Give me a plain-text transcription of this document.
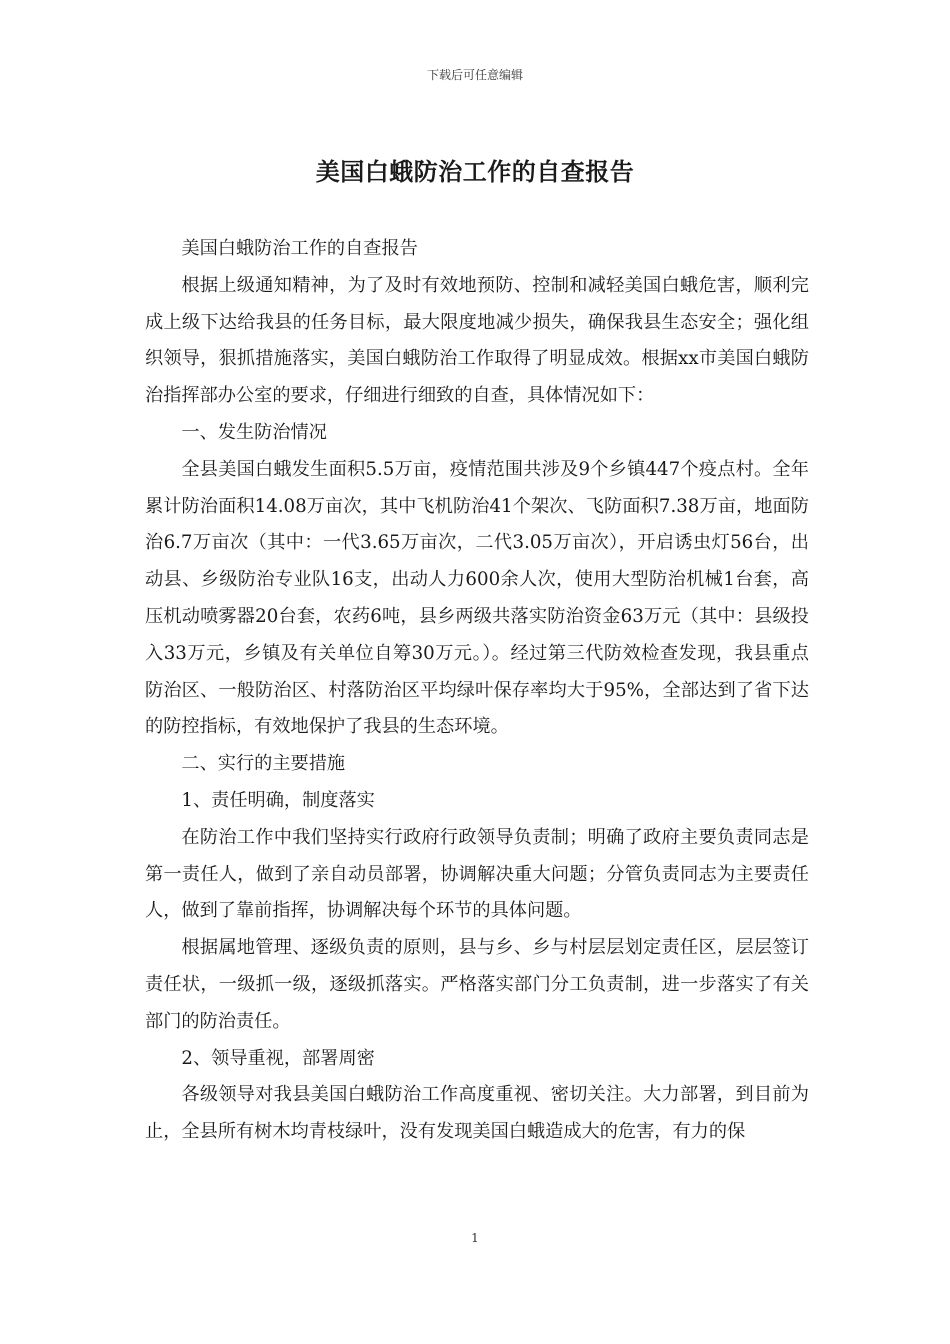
下载后可任意编辑
美国白蛾防治工作的自查报告

美国白蛾防治工作的自查报告

根据上级通知精神，为了及时有效地预防、控制和减轻美国白蛾危害，顺利完成上级下达给我县的任务目标，最大限度地减少损失，确保我县生态安全；强化组织领导，狠抓措施落实，美国白蛾防治工作取得了明显成效。根据xx市美国白蛾防治指挥部办公室的要求，仔细进行细致的自查，具体情况如下：

一、发生防治情况

全县美国白蛾发生面积5.5万亩，疫情范围共涉及9个乡镇447个疫点村。全年累计防治面积14.08万亩次，其中飞机防治41个架次、飞防面积7.38万亩，地面防治6.7万亩次（其中：一代3.65万亩次，二代3.05万亩次），开启诱虫灯56台，出动县、乡级防治专业队16支，出动人力600余人次，使用大型防治机械1台套，高压机动喷雾器20台套，农药6吨，县乡两级共落实防治资金63万元（其中：县级投入33万元，乡镇及有关单位自筹30万元。）。经过第三代防效检查发现，我县重点防治区、一般防治区、村落防治区平均绿叶保存率均大于95%，全部达到了省下达的防控指标，有效地保护了我县的生态环境。

二、实行的主要措施

1、责任明确，制度落实

在防治工作中我们坚持实行政府行政领导负责制；明确了政府主要负责同志是第一责任人，做到了亲自动员部署，协调解决重大问题；分管负责同志为主要责任人，做到了靠前指挥，协调解决每个环节的具体问题。

根据属地管理、逐级负责的原则，县与乡、乡与村层层划定责任区，层层签订责任状，一级抓一级，逐级抓落实。严格落实部门分工负责制，进一步落实了有关部门的防治责任。

2、领导重视，部署周密

各级领导对我县美国白蛾防治工作高度重视、密切关注。大力部署，到目前为止，全县所有树木均青枝绿叶，没有发现美国白蛾造成大的危害，有力的保

1
